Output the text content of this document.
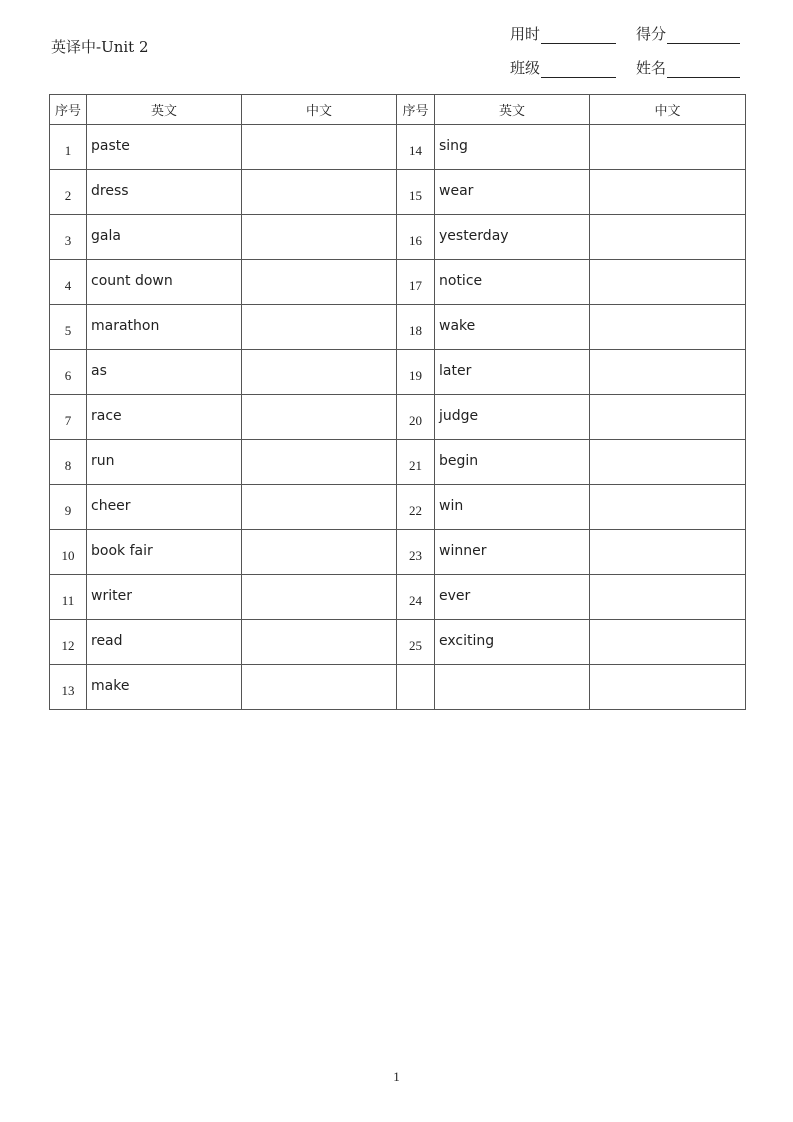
英译中-Unit 2
用时	得分
班级	姓名
序号	英文	中文	序号	英文	中文
1	paste		14	sing	
2	dress		15	wear	
3	gala		16	yesterday	
4	count down		17	notice	
5	marathon		18	wake	
6	as		19	later	
7	race		20	judge	
8	run		21	begin	
9	cheer		22	win	
10	book fair		23	winner	
11	writer		24	ever	
12	read		25	exciting	
13	make				
1
